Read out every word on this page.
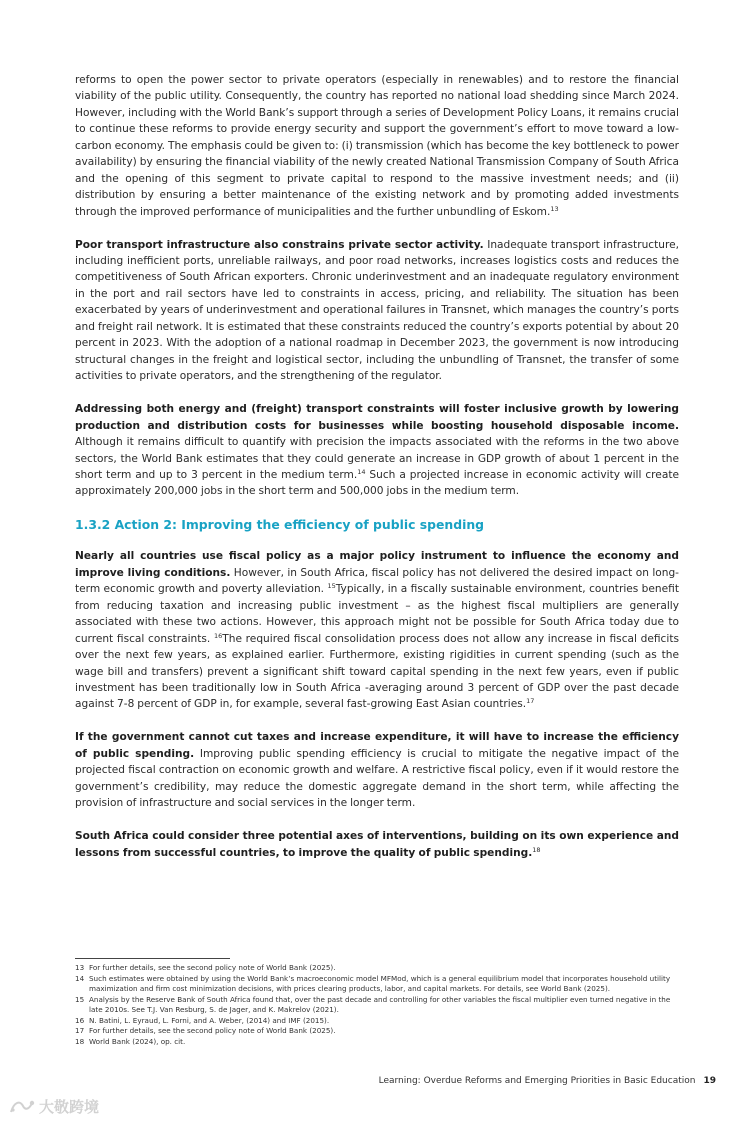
reforms to open the power sector to private operators (especially in renewables) and to restore the financial viability of the public utility. Consequently, the country has reported no national load shedding since March 2024. However, including with the World Bank’s support through a series of Development Policy Loans, it remains crucial to continue these reforms to provide energy security and support the government’s effort to move toward a low-carbon economy. The emphasis could be given to: (i) transmission (which has become the key bottleneck to power availability) by ensuring the financial viability of the newly created National Transmission Company of South Africa and the opening of this segment to private capital to respond to the massive investment needs; and (ii) distribution by ensuring a better maintenance of the existing network and by promoting added investments through the improved performance of municipalities and the further unbundling of Eskom.$^{13}$

Poor transport infrastructure also constrains private sector activity. Inadequate transport infrastructure, including inefficient ports, unreliable railways, and poor road networks, increases logistics costs and reduces the competitiveness of South African exporters. Chronic underinvestment and an inadequate regulatory environment in the port and rail sectors have led to constraints in access, pricing, and reliability. The situation has been exacerbated by years of underinvestment and operational failures in Transnet, which manages the country’s ports and freight rail network. It is estimated that these constraints reduced the country’s exports potential by about 20 percent in 2023. With the adoption of a national roadmap in December 2023, the government is now introducing structural changes in the freight and logistical sector, including the unbundling of Transnet, the transfer of some activities to private operators, and the strengthening of the regulator.

Addressing both energy and (freight) transport constraints will foster inclusive growth by lowering production and distribution costs for businesses while boosting household disposable income. Although it remains difficult to quantify with precision the impacts associated with the reforms in the two above sectors, the World Bank estimates that they could generate an increase in GDP growth of about 1 percent in the short term and up to 3 percent in the medium term.$^{14}$ Such a projected increase in economic activity will create approximately 200,000 jobs in the short term and 500,000 jobs in the medium term.

1.3.2 Action 2: Improving the efficiency of public spending

Nearly all countries use fiscal policy as a major policy instrument to influence the economy and improve living conditions. However, in South Africa, fiscal policy has not delivered the desired impact on long-term economic growth and poverty alleviation. $^{15}$Typically, in a fiscally sustainable environment, countries benefit from reducing taxation and increasing public investment – as the highest fiscal multipliers are generally associated with these two actions. However, this approach might not be possible for South Africa today due to current fiscal constraints. $^{16}$The required fiscal consolidation process does not allow any increase in fiscal deficits over the next few years, as explained earlier. Furthermore, existing rigidities in current spending (such as the wage bill and transfers) prevent a significant shift toward capital spending in the next few years, even if public investment has been traditionally low in South Africa -averaging around 3 percent of GDP over the past decade against 7-8 percent of GDP in, for example, several fast-growing East Asian countries.$^{17}$

If the government cannot cut taxes and increase expenditure, it will have to increase the efficiency of public spending. Improving public spending efficiency is crucial to mitigate the negative impact of the projected fiscal contraction on economic growth and welfare. A restrictive fiscal policy, even if it would restore the government’s credibility, may reduce the domestic aggregate demand in the short term, while affecting the provision of infrastructure and social services in the longer term.

South Africa could consider three potential axes of interventions, building on its own experience and lessons from successful countries, to improve the quality of public spending.$^{18}$

13 For further details, see the second policy note of World Bank (2025).
14 Such estimates were obtained by using the World Bank’s macroeconomic model MFMod, which is a general equilibrium model that incorporates household utility maximization and firm cost minimization decisions, with prices clearing products, labor, and capital markets. For details, see World Bank (2025).
15 Analysis by the Reserve Bank of South Africa found that, over the past decade and controlling for other variables the fiscal multiplier even turned negative in the late 2010s. See T.J. Van Resburg, S. de Jager, and K. Makrelov (2021).
16 N. Batini, L. Eyraud, L. Forni, and A. Weber, (2014) and IMF (2015).
17 For further details, see the second policy note of World Bank (2025).
18 World Bank (2024), op. cit.
Learning: Overdue Reforms and Emerging Priorities in Basic Education 19
大敬跨境
